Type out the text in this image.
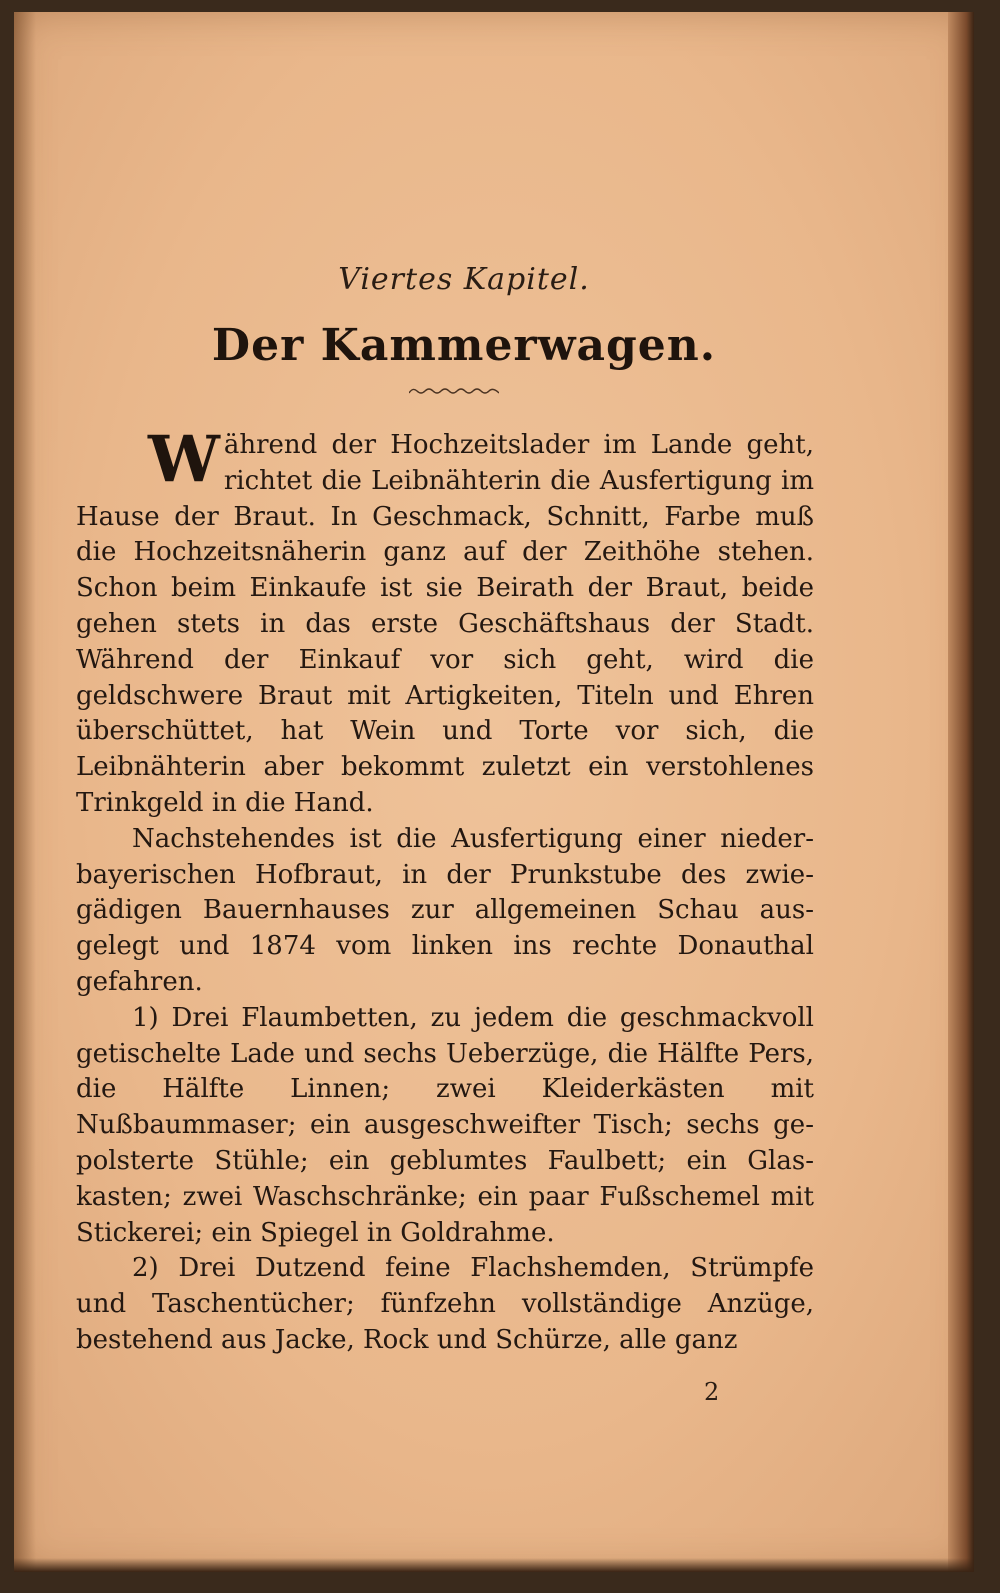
Viertes Kapitel.
Der Kammerwagen.

Während der Hochzeitslader im Lande geht, richtet die Leibnähterin die Ausfertigung im Hause der Braut. In Geschmack, Schnitt, Farbe muß die Hochzeitsnäherin ganz auf der Zeithöhe stehen. Schon beim Einkaufe ist sie Beirath der Braut, beide gehen stets in das erste Geschäftshaus der Stadt. Während der Einkauf vor sich geht, wird die geldschwere Braut mit Artigkeiten, Titeln und Ehren überschüttet, hat Wein und Torte vor sich, die Leibnähterin aber bekommt zuletzt ein verstohlenes Trinkgeld in die Hand.

Nachstehendes ist die Ausfertigung einer niederbayerischen Hofbraut, in der Prunkstube des zwiegädigen Bauernhauses zur allgemeinen Schau ausgelegt und 1874 vom linken ins rechte Donauthal gefahren.

1) Drei Flaumbetten, zu jedem die geschmackvoll getischelte Lade und sechs Ueberzüge, die Hälfte Pers, die Hälfte Linnen; zwei Kleiderkästen mit Nußbaummaser; ein ausgeschweifter Tisch; sechs gepolsterte Stühle; ein geblumtes Faulbett; ein Glaskasten; zwei Waschschränke; ein paar Fußschemel mit Stickerei; ein Spiegel in Goldrahme.

2) Drei Dutzend feine Flachshemden, Strümpfe und Taschentücher; fünfzehn vollständige Anzüge, bestehend aus Jacke, Rock und Schürze, alle ganz

2
